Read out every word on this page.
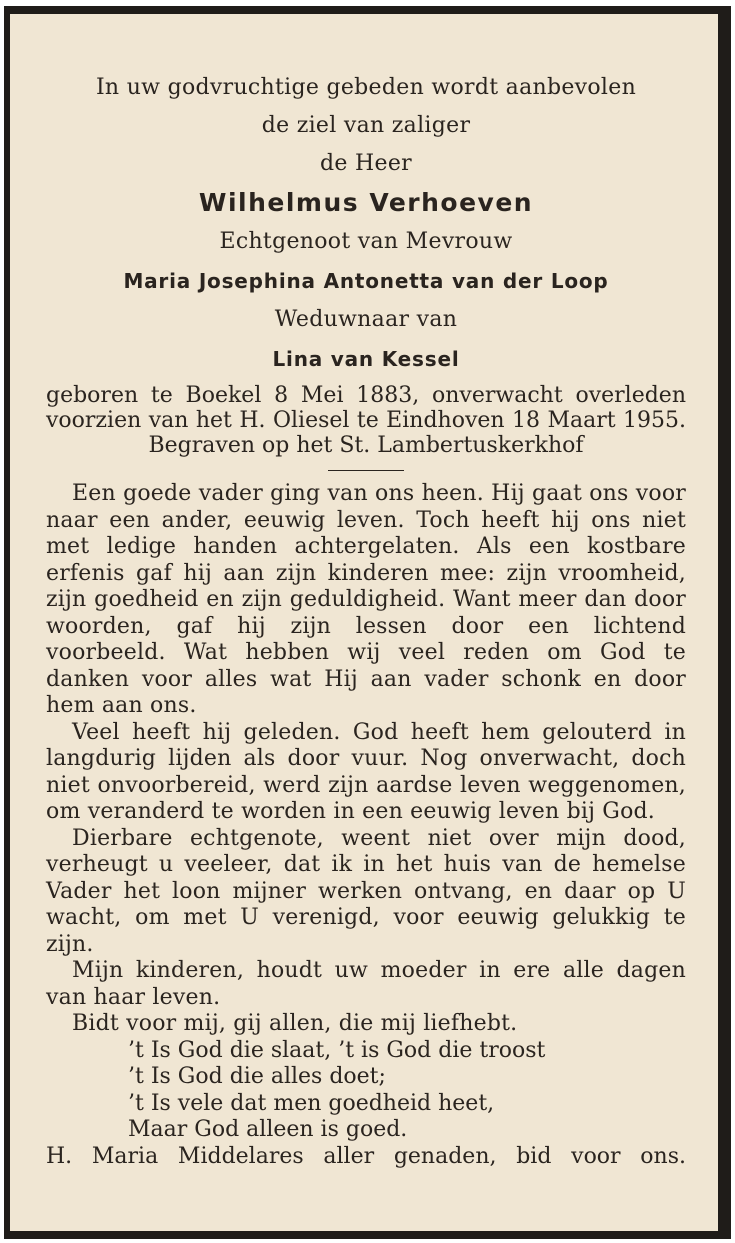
In uw godvruchtige gebeden wordt aanbevolen
de ziel van zaliger
de Heer
Wilhelmus Verhoeven
Echtgenoot van Mevrouw
Maria Josephina Antonetta van der Loop
Weduwnaar van
Lina van Kessel
geboren te Boekel 8 Mei 1883, onverwacht overleden voorzien van het H. Oliesel te Eindhoven 18 Maart 1955. Begraven op het St. Lambertuskerkhof

Een goede vader ging van ons heen. Hij gaat ons voor naar een ander, eeuwig leven. Toch heeft hij ons niet met ledige handen achtergelaten. Als een kostbare erfenis gaf hij aan zijn kinderen mee: zijn vroomheid, zijn goedheid en zijn geduldigheid. Want meer dan door woorden, gaf hij zijn lessen door een lichtend voorbeeld. Wat hebben wij veel reden om God te danken voor alles wat Hij aan vader schonk en door hem aan ons.

Veel heeft hij geleden. God heeft hem gelouterd in langdurig lijden als door vuur. Nog onverwacht, doch niet onvoorbereid, werd zijn aardse leven weggenomen, om veranderd te worden in een eeuwig leven bij God.

Dierbare echtgenote, weent niet over mijn dood, verheugt u veeleer, dat ik in het huis van de hemelse Vader het loon mijner werken ontvang, en daar op U wacht, om met U verenigd, voor eeuwig gelukkig te zijn.

Mijn kinderen, houdt uw moeder in ere alle dagen van haar leven.

Bidt voor mij, gij allen, die mij liefhebt.

’t Is God die slaat, ’t is God die troost
’t Is God die alles doet;
’t Is vele dat men goedheid heet,
Maar God alleen is goed.
H. Maria Middelares aller genaden, bid voor ons.
